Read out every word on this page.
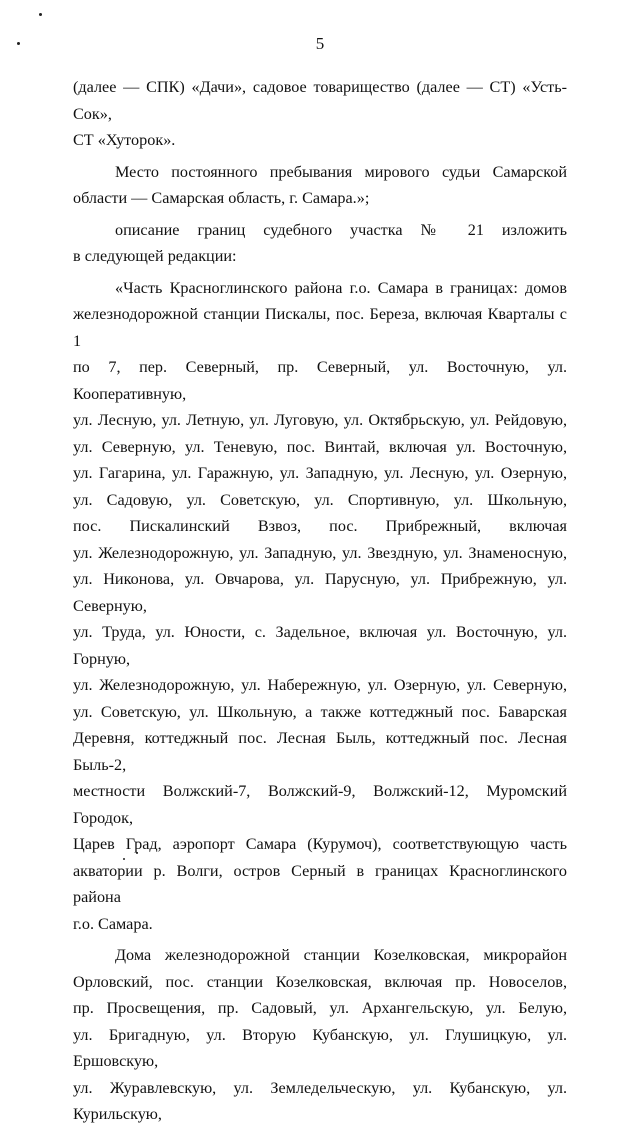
5

(далее — СПК) «Дачи», садовое товарищество (далее — СТ) «Усть-Сок»,

СТ «Хуторок».

Место постоянного пребывания мирового судьи Самарской

области — Самарская область, г. Самара.»;

описание границ судебного участка № 21 изложить

в следующей редакции:

«Часть Красноглинского района г.о. Самара в границах: домов

железнодорожной станции Пискалы, пос. Береза, включая Кварталы с 1

по 7, пер. Северный, пр. Северный, ул. Восточную, ул. Кооперативную,

ул. Лесную, ул. Летную, ул. Луговую, ул. Октябрьскую, ул. Рейдовую,

ул. Северную, ул. Теневую, пос. Винтай, включая ул. Восточную,

ул. Гагарина, ул. Гаражную, ул. Западную, ул. Лесную, ул. Озерную,

ул. Садовую, ул. Советскую, ул. Спортивную, ул. Школьную,

пос. Пискалинский Взвоз, пос. Прибрежный, включая

ул. Железнодорожную, ул. Западную, ул. Звездную, ул. Знаменосную,

ул. Никонова, ул. Овчарова, ул. Парусную, ул. Прибрежную, ул. Северную,

ул. Труда, ул. Юности, с. Задельное, включая ул. Восточную, ул. Горную,

ул. Железнодорожную, ул. Набережную, ул. Озерную, ул. Северную,

ул. Советскую, ул. Школьную, а также коттеджный пос. Баварская

Деревня, коттеджный пос. Лесная Быль, коттеджный пос. Лесная Быль-2,

местности Волжский-7, Волжский-9, Волжский-12, Муромский Городок,

Царев Град, аэропорт Самара (Курумоч), соответствующую часть

акватории р. Волги, остров Серный в границах Красноглинского района

г.о. Самара.

Дома железнодорожной станции Козелковская, микрорайон

Орловский, пос. станции Козелковская, включая пр. Новоселов,

пр. Просвещения, пр. Садовый, ул. Архангельскую, ул. Белую,

ул. Бригадную, ул. Вторую Кубанскую, ул. Глушицкую, ул. Ершовскую,

ул. Журавлевскую, ул. Земледельческую, ул. Кубанскую, ул. Курильскую,
